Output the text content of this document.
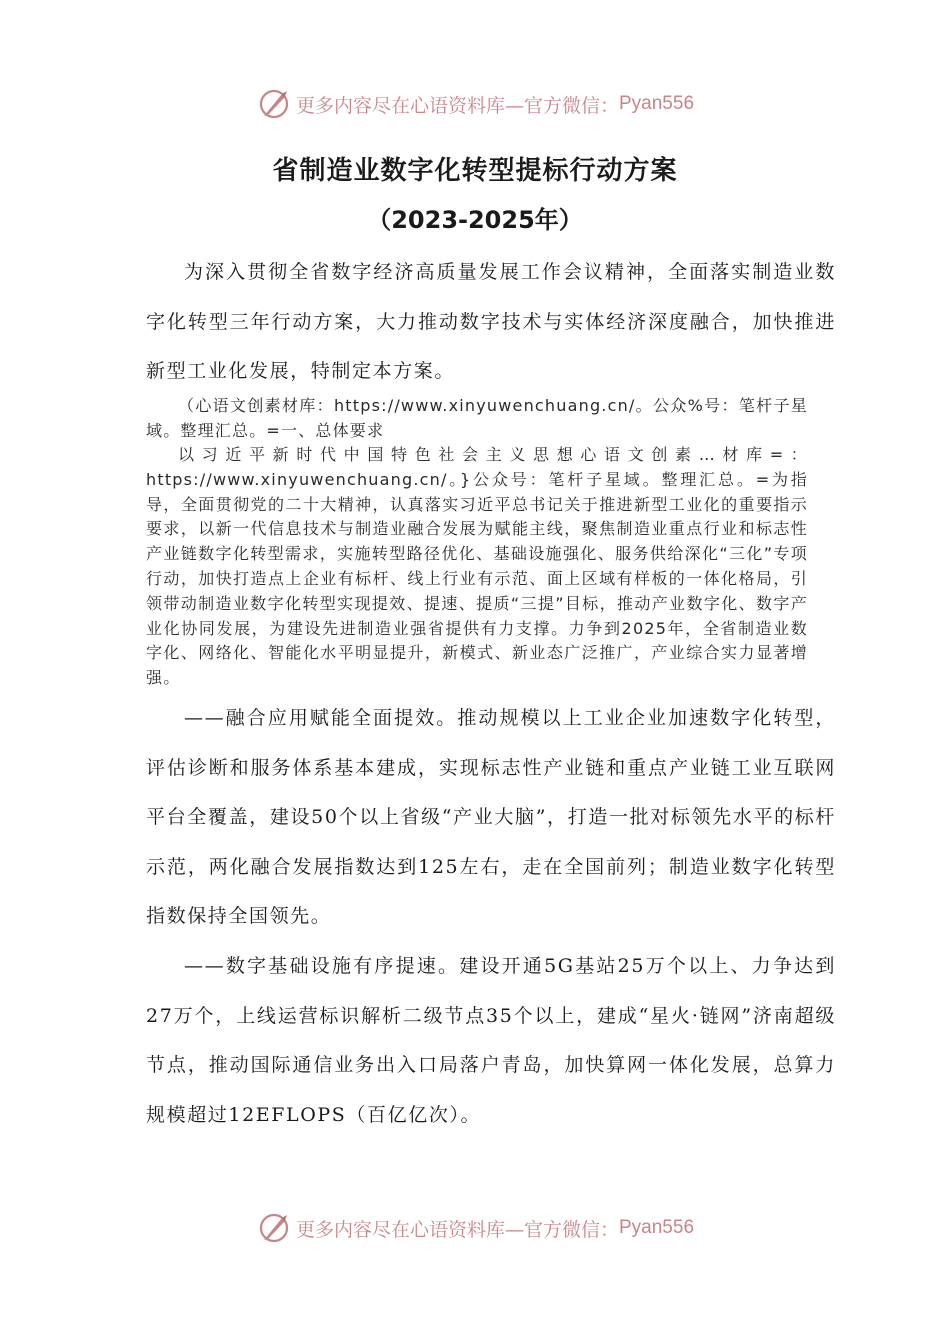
更多内容尽在心语资料库—官方微信： Pyan556
省制造业数字化转型提标行动方案
（2023-2025年）

为深入贯彻全省数字经济高质量发展工作会议精神，全面落实制造业数字化转型三年行动方案，大力推动数字技术与实体经济深度融合，加快推进新型工业化发展，特制定本方案。

（心语文创素材库：https://www.xinyuwenchuang.cn/。公众%号：笔杆子星域。整理汇总。=一、总体要求

以习近平新时代中国特色社会主义思想心语文创素…材库=：https://www.xinyuwenchuang.cn/。}公众号：笔杆子星域。整理汇总。=为指导，全面贯彻党的二十大精神，认真落实习近平总书记关于推进新型工业化的重要指示要求，以新一代信息技术与制造业融合发展为赋能主线，聚焦制造业重点行业和标志性产业链数字化转型需求，实施转型路径优化、基础设施强化、服务供给深化“三化”专项行动，加快打造点上企业有标杆、线上行业有示范、面上区域有样板的一体化格局，引领带动制造业数字化转型实现提效、提速、提质“三提”目标，推动产业数字化、数字产业化协同发展，为建设先进制造业强省提供有力支撑。力争到2025年，全省制造业数字化、网络化、智能化水平明显提升，新模式、新业态广泛推广，产业综合实力显著增强。

——融合应用赋能全面提效。推动规模以上工业企业加速数字化转型，评估诊断和服务体系基本建成，实现标志性产业链和重点产业链工业互联网平台全覆盖，建设50个以上省级“产业大脑”，打造一批对标领先水平的标杆示范，两化融合发展指数达到125左右，走在全国前列；制造业数字化转型指数保持全国领先。

——数字基础设施有序提速。建设开通5G基站25万个以上、力争达到27万个，上线运营标识解析二级节点35个以上，建成“星火·链网”济南超级节点，推动国际通信业务出入口局落户青岛，加快算网一体化发展，总算力规模超过12EFLOPS（百亿亿次）。

更多内容尽在心语资料库—官方微信： Pyan556
